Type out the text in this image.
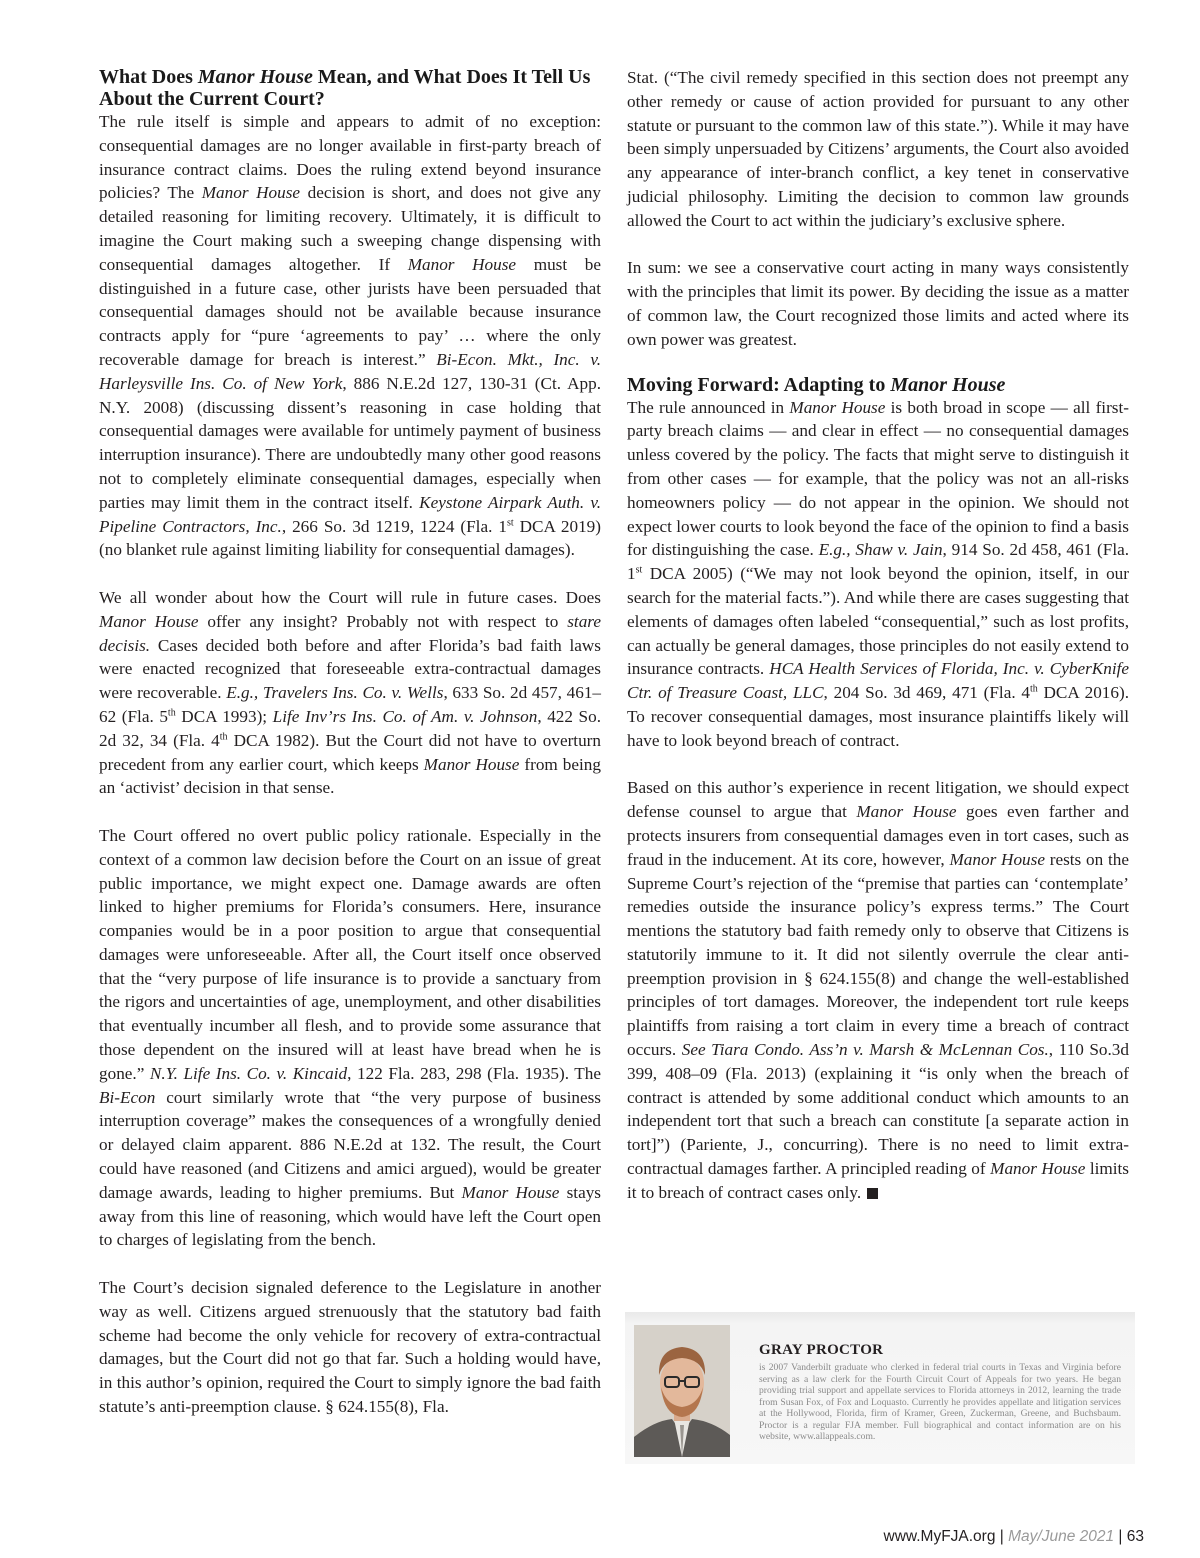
What Does Manor House Mean, and What Does It Tell Us About the Current Court?

The rule itself is simple and appears to admit of no exception: consequential damages are no longer available in first-party breach of insurance contract claims. Does the ruling extend beyond insurance policies? The Manor House decision is short, and does not give any detailed reasoning for limiting recovery. Ultimately, it is difficult to imagine the Court making such a sweeping change dispensing with consequential damages altogether. If Manor House must be distinguished in a future case, other jurists have been persuaded that consequential damages should not be available because insurance contracts apply for “pure ‘agreements to pay’ … where the only recoverable damage for breach is interest.” Bi-Econ. Mkt., Inc. v. Harleysville Ins. Co. of New York, 886 N.E.2d 127, 130-31 (Ct. App. N.Y. 2008) (discussing dissent’s reasoning in case holding that consequential damages were available for untimely payment of business interruption insurance). There are undoubtedly many other good reasons not to completely eliminate consequential damages, especially when parties may limit them in the contract itself. Keystone Airpark Auth. v. Pipeline Contractors, Inc., 266 So. 3d 1219, 1224 (Fla. 1st DCA 2019) (no blanket rule against limiting liability for consequential damages).

We all wonder about how the Court will rule in future cases. Does Manor House offer any insight? Probably not with respect to stare decisis. Cases decided both before and after Florida’s bad faith laws were enacted recognized that foreseeable extra-contractual damages were recoverable. E.g., Travelers Ins. Co. v. Wells, 633 So. 2d 457, 461–62 (Fla. 5th DCA 1993); Life Inv’rs Ins. Co. of Am. v. Johnson, 422 So. 2d 32, 34 (Fla. 4th DCA 1982). But the Court did not have to overturn precedent from any earlier court, which keeps Manor House from being an ‘activist’ decision in that sense.

The Court offered no overt public policy rationale. Especially in the context of a common law decision before the Court on an issue of great public importance, we might expect one. Damage awards are often linked to higher premiums for Florida’s consumers. Here, insurance companies would be in a poor position to argue that consequential damages were unforeseeable. After all, the Court itself once observed that the “very purpose of life insurance is to provide a sanctuary from the rigors and uncertainties of age, unemployment, and other disabilities that eventually incumber all flesh, and to provide some assurance that those dependent on the insured will at least have bread when he is gone.” N.Y. Life Ins. Co. v. Kincaid, 122 Fla. 283, 298 (Fla. 1935). The Bi-Econ court similarly wrote that “the very purpose of business interruption coverage” makes the consequences of a wrongfully denied or delayed claim apparent. 886 N.E.2d at 132. The result, the Court could have reasoned (and Citizens and amici argued), would be greater damage awards, leading to higher premiums. But Manor House stays away from this line of reasoning, which would have left the Court open to charges of legislating from the bench.

The Court’s decision signaled deference to the Legislature in another way as well. Citizens argued strenuously that the statutory bad faith scheme had become the only vehicle for recovery of extra-contractual damages, but the Court did not go that far. Such a holding would have, in this author’s opinion, required the Court to simply ignore the bad faith statute’s anti-preemption clause. § 624.155(8), Fla.

Stat. (“The civil remedy specified in this section does not preempt any other remedy or cause of action provided for pursuant to any other statute or pursuant to the common law of this state.”). While it may have been simply unpersuaded by Citizens’ arguments, the Court also avoided any appearance of inter-branch conflict, a key tenet in conservative judicial philosophy. Limiting the decision to common law grounds allowed the Court to act within the judiciary’s exclusive sphere.

In sum: we see a conservative court acting in many ways consistently with the principles that limit its power. By deciding the issue as a matter of common law, the Court recognized those limits and acted where its own power was greatest.

Moving Forward: Adapting to Manor House

The rule announced in Manor House is both broad in scope — all first-party breach claims — and clear in effect — no consequential damages unless covered by the policy. The facts that might serve to distinguish it from other cases — for example, that the policy was not an all-risks homeowners policy — do not appear in the opinion. We should not expect lower courts to look beyond the face of the opinion to find a basis for distinguishing the case. E.g., Shaw v. Jain, 914 So. 2d 458, 461 (Fla. 1st DCA 2005) (“We may not look beyond the opinion, itself, in our search for the material facts.”). And while there are cases suggesting that elements of damages often labeled “consequential,” such as lost profits, can actually be general damages, those principles do not easily extend to insurance contracts. HCA Health Services of Florida, Inc. v. CyberKnife Ctr. of Treasure Coast, LLC, 204 So. 3d 469, 471 (Fla. 4th DCA 2016). To recover consequential damages, most insurance plaintiffs likely will have to look beyond breach of contract.

Based on this author’s experience in recent litigation, we should expect defense counsel to argue that Manor House goes even farther and protects insurers from consequential damages even in tort cases, such as fraud in the inducement. At its core, however, Manor House rests on the Supreme Court’s rejection of the “premise that parties can ‘contemplate’ remedies outside the insurance policy’s express terms.” The Court mentions the statutory bad faith remedy only to observe that Citizens is statutorily immune to it. It did not silently overrule the clear anti-preemption provision in § 624.155(8) and change the well-established principles of tort damages. Moreover, the independent tort rule keeps plaintiffs from raising a tort claim in every time a breach of contract occurs. See Tiara Condo. Ass’n v. Marsh & McLennan Cos., 110 So.3d 399, 408–09 (Fla. 2013) (explaining it “is only when the breach of contract is attended by some additional conduct which amounts to an independent tort that such a breach can constitute [a separate action in tort]”) (Pariente, J., concurring). There is no need to limit extra-contractual damages farther. A principled reading of Manor House limits it to breach of contract cases only.

GRAY PROCTOR
is 2007 Vanderbilt graduate who clerked in federal trial courts in Texas and Virginia before serving as a law clerk for the Fourth Circuit Court of Appeals for two years. He began providing trial support and appellate services to Florida attorneys in 2012, learning the trade from Susan Fox, of Fox and Loquasto. Currently he provides appellate and litigation services at the Hollywood, Florida, firm of Kramer, Green, Zuckerman, Greene, and Buchsbaum. Proctor is a regular FJA member. Full biographical and contact information are on his website, www.allappeals.com.
www.MyFJA.org | May/June 2021 | 63
